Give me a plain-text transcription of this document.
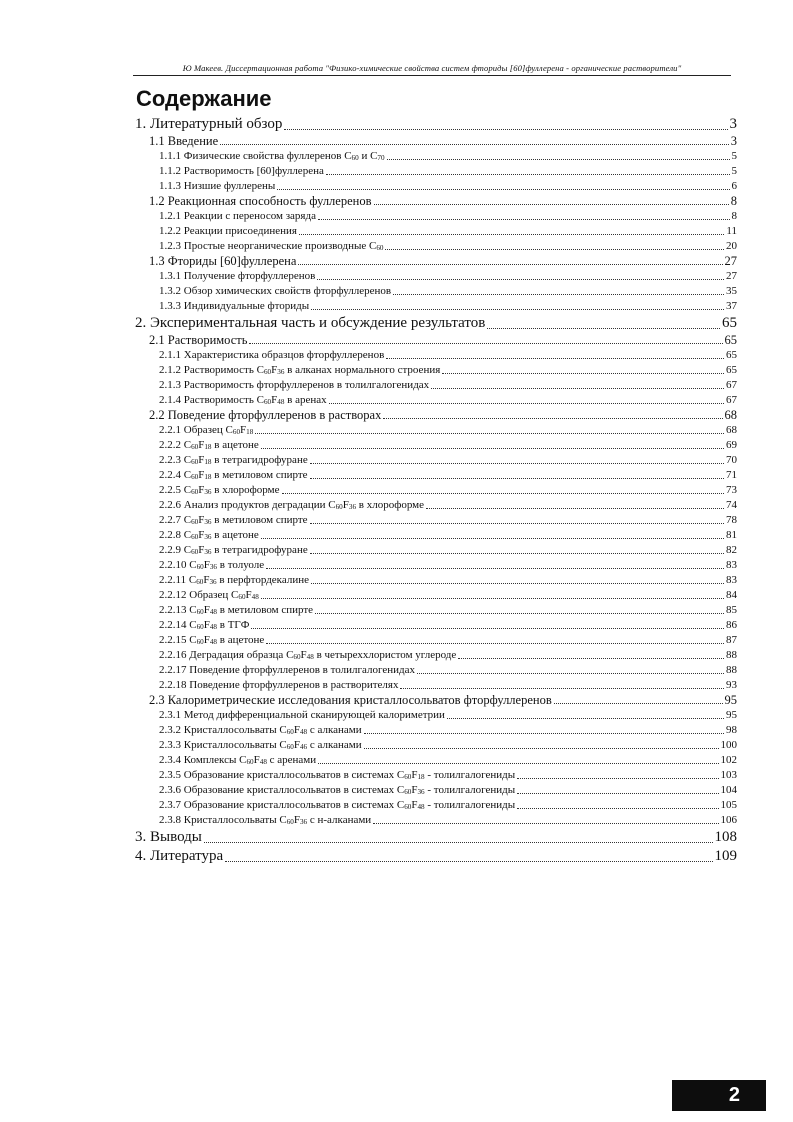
Ю Макеев. Диссертационная работа "Физико-химические свойства систем фториды [60]фуллерена - органические растворители"
Содержание
1. Литературный обзор	3
1.1 Введение	3
1.1.1 Физические свойства фуллеренов $C_{60}$ и $C_{70}$	5
1.1.2 Растворимость [60]фуллерена	5
1.1.3 Низшие фуллерены	6
1.2 Реакционная способность фуллеренов	8
1.2.1 Реакции с переносом заряда	8
1.2.2 Реакции присоединения	11
1.2.3 Простые неорганические производные $C_{60}$	20
1.3 Фториды [60]фуллерена	27
1.3.1 Получение фторфуллеренов	27
1.3.2 Обзор химических свойств фторфуллеренов	35
1.3.3 Индивидуальные фториды	37
2. Экспериментальная часть и обсуждение результатов	65
2.1 Растворимость	65
2.1.1 Характеристика образцов фторфуллеренов	65
2.1.2 Растворимость $C_{60}F_{36}$ в алканах нормального строения	65
2.1.3 Растворимость фторфуллеренов в толилгалогенидах	67
2.1.4 Растворимость $C_{60}F_{48}$ в аренах	67
2.2 Поведение фторфуллеренов в растворах	68
2.2.1 Образец $C_{60}F_{18}$	68
2.2.2 $C_{60}F_{18}$ в ацетоне	69
2.2.3 $C_{60}F_{18}$ в тетрагидрофуране	70
2.2.4 $C_{60}F_{18}$ в метиловом спирте	71
2.2.5 $C_{60}F_{36}$ в хлороформе	73
2.2.6 Анализ продуктов деградации $C_{60}F_{36}$ в хлороформе	74
2.2.7 $C_{60}F_{36}$ в метиловом спирте	78
2.2.8 $C_{60}F_{36}$ в ацетоне	81
2.2.9 $C_{60}F_{36}$ в тетрагидрофуране	82
2.2.10 $C_{60}F_{36}$ в толуоле	83
2.2.11 $C_{60}F_{36}$ в перфтордекалине	83
2.2.12 Образец $C_{60}F_{48}$	84
2.2.13 $C_{60}F_{48}$ в метиловом спирте	85
2.2.14 $C_{60}F_{48}$ в ТГФ	86
2.2.15 $C_{60}F_{48}$ в ацетоне	87
2.2.16 Деградация образца $C_{60}F_{48}$ в четыреххлористом углероде	88
2.2.17 Поведение фторфуллеренов в толилгалогенидах	88
2.2.18 Поведение фторфуллеренов в растворителях	93
2.3 Калориметрические исследования кристаллосольватов фторфуллеренов	95
2.3.1 Метод дифференциальной сканирующей калориметрии	95
2.3.2 Кристаллосольваты $C_{60}F_{48}$ с алканами	98
2.3.3 Кристаллосольваты $C_{60}F_{46}$ с алканами	100
2.3.4 Комплексы $C_{60}F_{48}$ с аренами	102
2.3.5 Образование кристаллосольватов в системах $C_{60}F_{18}$ - толилгалогениды	103
2.3.6 Образование кристаллосольватов в системах $C_{60}F_{36}$ - толилгалогениды	104
2.3.7 Образование кристаллосольватов в системах $C_{60}F_{48}$ - толилгалогениды	105
2.3.8 Кристаллосольваты $C_{60}F_{36}$ с н-алканами	106
3. Выводы	108
4. Литература	109
2
